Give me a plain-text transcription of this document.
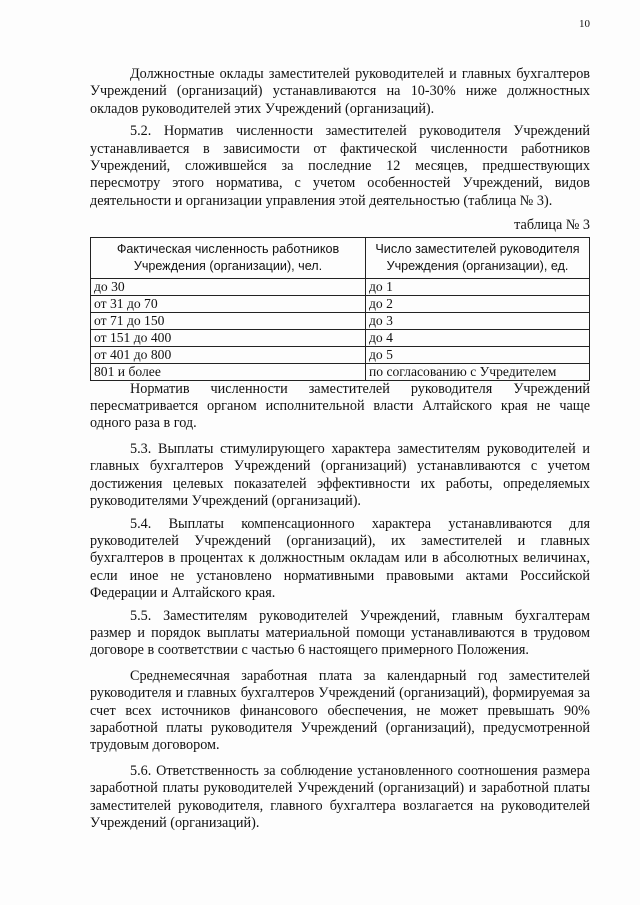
10

Должностные оклады заместителей руководителей и главных бухгалтеров Учреждений (организаций) устанавливаются на 10-30% ниже должностных окладов руководителей этих Учреждений (организаций).

5.2. Норматив численности заместителей руководителя Учреждений устанавливается в зависимости от фактической численности работников Учреждений, сложившейся за последние 12 месяцев, предшествующих пересмотру этого норматива, с учетом особенностей Учреждений, видов деятельности и организации управления этой деятельностью (таблица № 3).

таблица № 3
Фактическая численность работников Учреждения (организации), чел.	Число заместителей руководителя Учреждения (организации), ед.
до 30	до 1
от 31 до 70	до 2
от 71 до 150	до 3
от 151 до 400	до 4
от 401 до 800	до 5
801 и более	по согласованию с Учредителем

Норматив численности заместителей руководителя Учреждений пересматривается органом исполнительной власти Алтайского края не чаще одного раза в год.

5.3. Выплаты стимулирующего характера заместителям руководителей и главных бухгалтеров Учреждений (организаций) устанавливаются с учетом достижения целевых показателей эффективности их работы, определяемых руководителями Учреждений (организаций).

5.4. Выплаты компенсационного характера устанавливаются для руководителей Учреждений (организаций), их заместителей и главных бухгалтеров в процентах к должностным окладам или в абсолютных величинах, если иное не установлено нормативными правовыми актами Российской Федерации и Алтайского края.

5.5. Заместителям руководителей Учреждений, главным бухгалтерам размер и порядок выплаты материальной помощи устанавливаются в трудовом договоре в соответствии с частью 6 настоящего примерного Положения.

Среднемесячная заработная плата за календарный год заместителей руководителя и главных бухгалтеров Учреждений (организаций), формируемая за счет всех источников финансового обеспечения, не может превышать 90% заработной платы руководителя Учреждений (организаций), предусмотренной трудовым договором.

5.6. Ответственность за соблюдение установленного соотношения размера заработной платы руководителей Учреждений (организаций) и заработной платы заместителей руководителя, главного бухгалтера возлагается на руководителей Учреждений (организаций).
